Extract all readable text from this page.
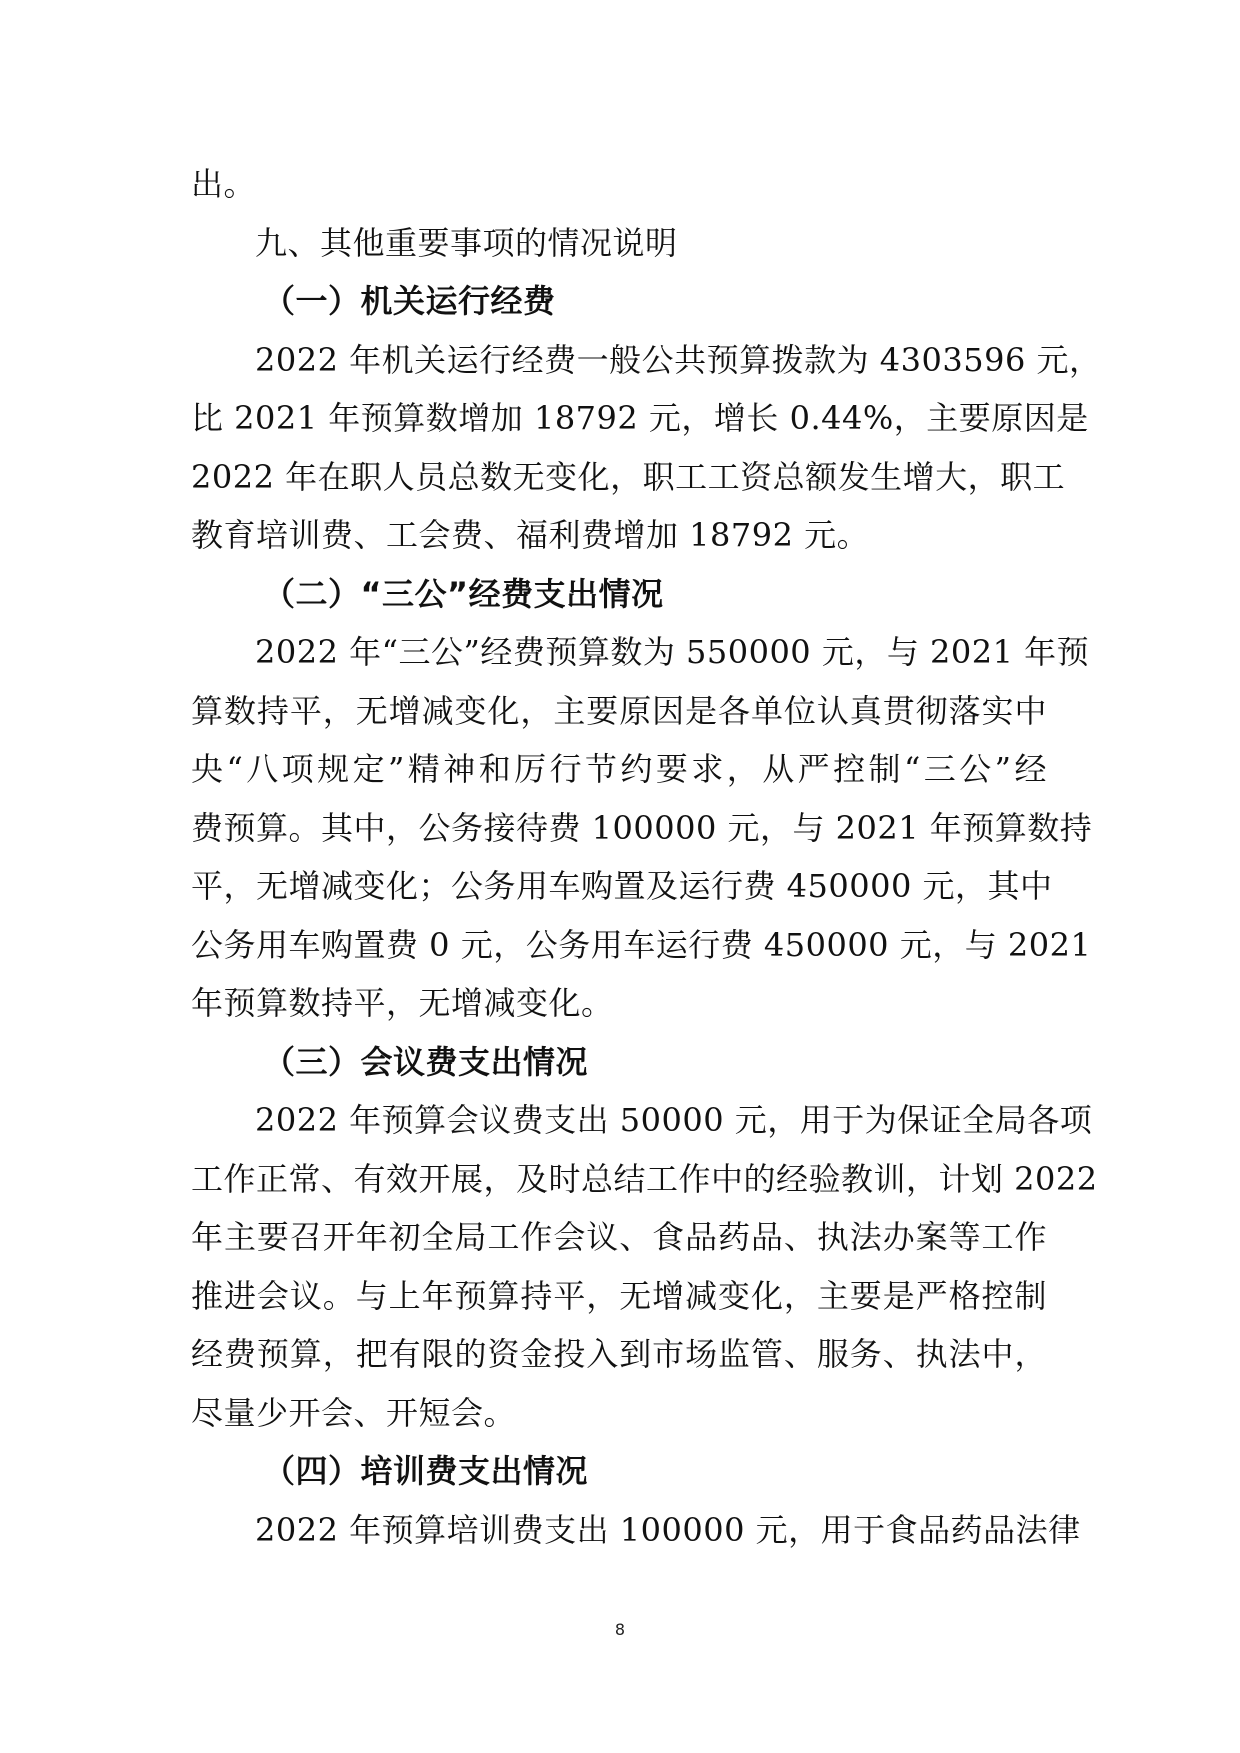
出。
九、其他重要事项的情况说明
（一）机关运行经费
2022 年机关运行经费一般公共预算拨款为 4303596 元，
比 2021 年预算数增加 18792 元，增长 0.44%，主要原因是
2022 年在职人员总数无变化，职工工资总额发生增大，职工
教育培训费、工会费、福利费增加 18792 元。
（二）“三公”经费支出情况
2022 年“三公”经费预算数为 550000 元，与 2021 年预
算数持平，无增减变化，主要原因是各单位认真贯彻落实中
央“八项规定”精神和厉行节约要求，从严控制“三公”经
费预算。其中，公务接待费 100000 元，与 2021 年预算数持
平，无增减变化；公务用车购置及运行费 450000 元，其中
公务用车购置费 0 元，公务用车运行费 450000 元，与 2021
年预算数持平，无增减变化。
（三）会议费支出情况
2022 年预算会议费支出 50000 元，用于为保证全局各项
工作正常、有效开展，及时总结工作中的经验教训，计划 2022
年主要召开年初全局工作会议、食品药品、执法办案等工作
推进会议。与上年预算持平，无增减变化，主要是严格控制
经费预算，把有限的资金投入到市场监管、服务、执法中，
尽量少开会、开短会。
（四）培训费支出情况
2022 年预算培训费支出 100000 元，用于食品药品法律
8
